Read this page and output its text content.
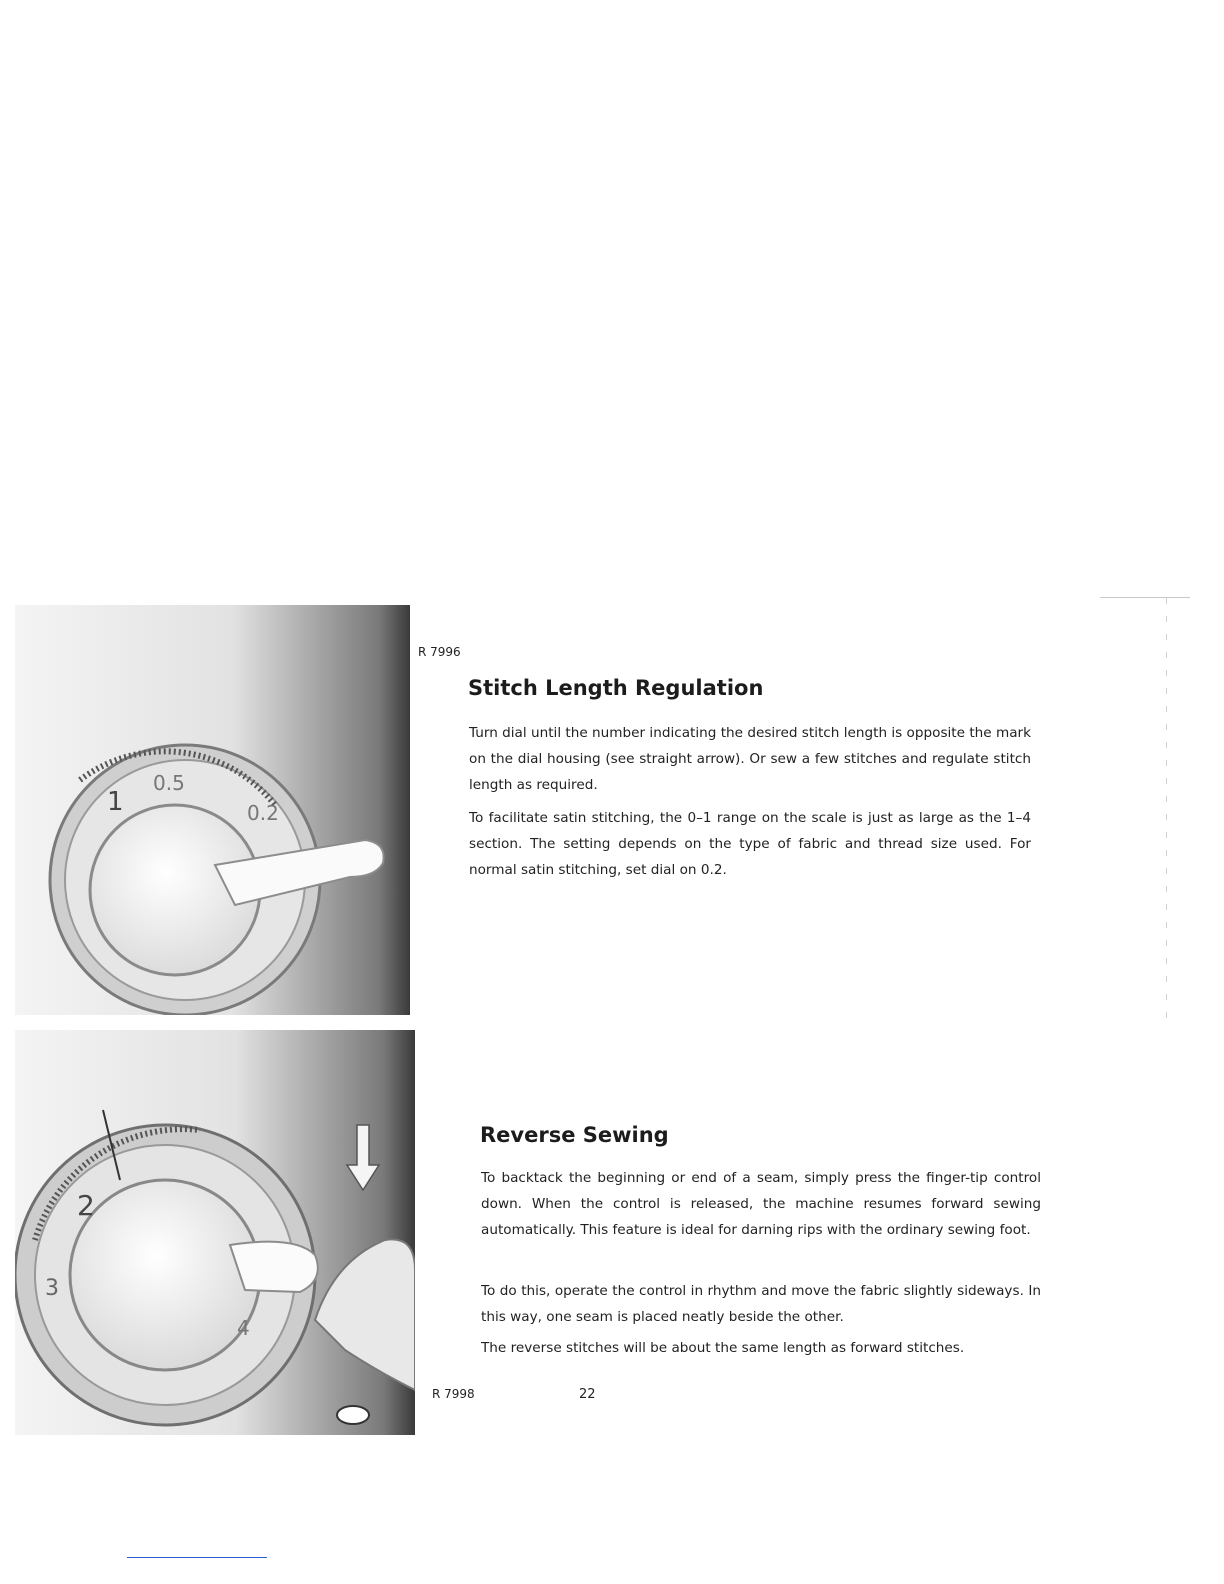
1
0.5
0.2
R 7996
2
3
4
R 7998
Stitch Length Regulation

Turn dial until the number indicating the desired stitch length is opposite the mark on the dial housing (see straight arrow). Or sew a few stitches and regulate stitch length as required.

To facilitate satin stitching, the 0–1 range on the scale is just as large as the 1–4 section. The setting depends on the type of fabric and thread size used. For normal satin stitching, set dial on 0.2.

Reverse Sewing

To backtack the beginning or end of a seam, simply press the finger-tip control down. When the control is released, the machine resumes forward sewing automatically. This feature is ideal for darning rips with the ordinary sewing foot.

To do this, operate the control in rhythm and move the fabric slightly sideways. In this way, one seam is placed neatly beside the other.

The reverse stitches will be about the same length as forward stitches.

22
